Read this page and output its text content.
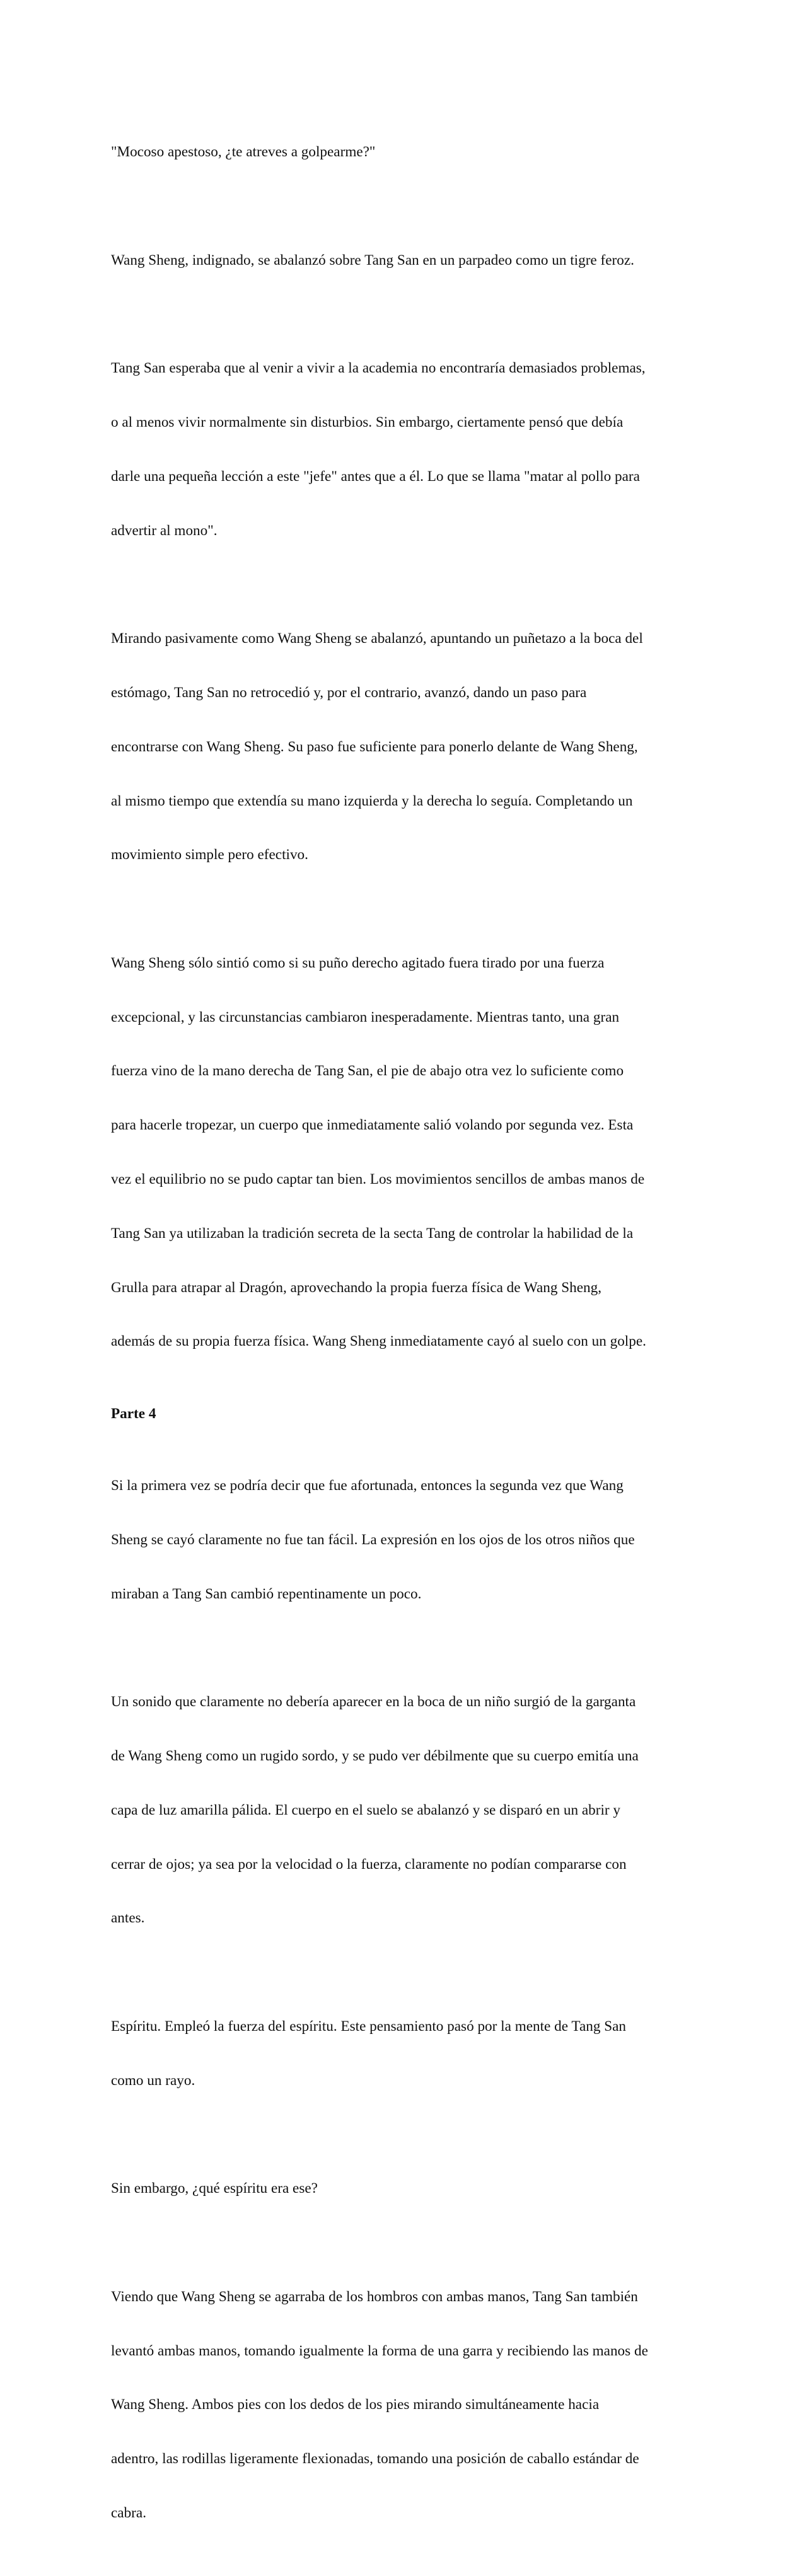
"Mocoso apestoso, ¿te atreves a golpearme?"

Wang Sheng, indignado, se abalanzó sobre Tang San en un parpadeo como un tigre feroz.

Tang San esperaba que al venir a vivir a la academia no encontraría demasiados problemas,

o al menos vivir normalmente sin disturbios. Sin embargo, ciertamente pensó que debía

darle una pequeña lección a este "jefe" antes que a él. Lo que se llama "matar al pollo para

advertir al mono".

Mirando pasivamente como Wang Sheng se abalanzó, apuntando un puñetazo a la boca del

estómago, Tang San no retrocedió y, por el contrario, avanzó, dando un paso para

encontrarse con Wang Sheng. Su paso fue suficiente para ponerlo delante de Wang Sheng,

al mismo tiempo que extendía su mano izquierda y la derecha lo seguía. Completando un

movimiento simple pero efectivo.

Wang Sheng sólo sintió como si su puño derecho agitado fuera tirado por una fuerza

excepcional, y las circunstancias cambiaron inesperadamente. Mientras tanto, una gran

fuerza vino de la mano derecha de Tang San, el pie de abajo otra vez lo suficiente como

para hacerle tropezar, un cuerpo que inmediatamente salió volando por segunda vez. Esta

vez el equilibrio no se pudo captar tan bien. Los movimientos sencillos de ambas manos de

Tang San ya utilizaban la tradición secreta de la secta Tang de controlar la habilidad de la

Grulla para atrapar al Dragón, aprovechando la propia fuerza física de Wang Sheng,

además de su propia fuerza física. Wang Sheng inmediatamente cayó al suelo con un golpe.

Parte 4

Si la primera vez se podría decir que fue afortunada, entonces la segunda vez que Wang

Sheng se cayó claramente no fue tan fácil. La expresión en los ojos de los otros niños que

miraban a Tang San cambió repentinamente un poco.

Un sonido que claramente no debería aparecer en la boca de un niño surgió de la garganta

de Wang Sheng como un rugido sordo, y se pudo ver débilmente que su cuerpo emitía una

capa de luz amarilla pálida. El cuerpo en el suelo se abalanzó y se disparó en un abrir y

cerrar de ojos; ya sea por la velocidad o la fuerza, claramente no podían compararse con

antes.

Espíritu. Empleó la fuerza del espíritu. Este pensamiento pasó por la mente de Tang San

como un rayo.

Sin embargo, ¿qué espíritu era ese?

Viendo que Wang Sheng se agarraba de los hombros con ambas manos, Tang San también

levantó ambas manos, tomando igualmente la forma de una garra y recibiendo las manos de

Wang Sheng. Ambos pies con los dedos de los pies mirando simultáneamente hacia

adentro, las rodillas ligeramente flexionadas, tomando una posición de caballo estándar de

cabra.
